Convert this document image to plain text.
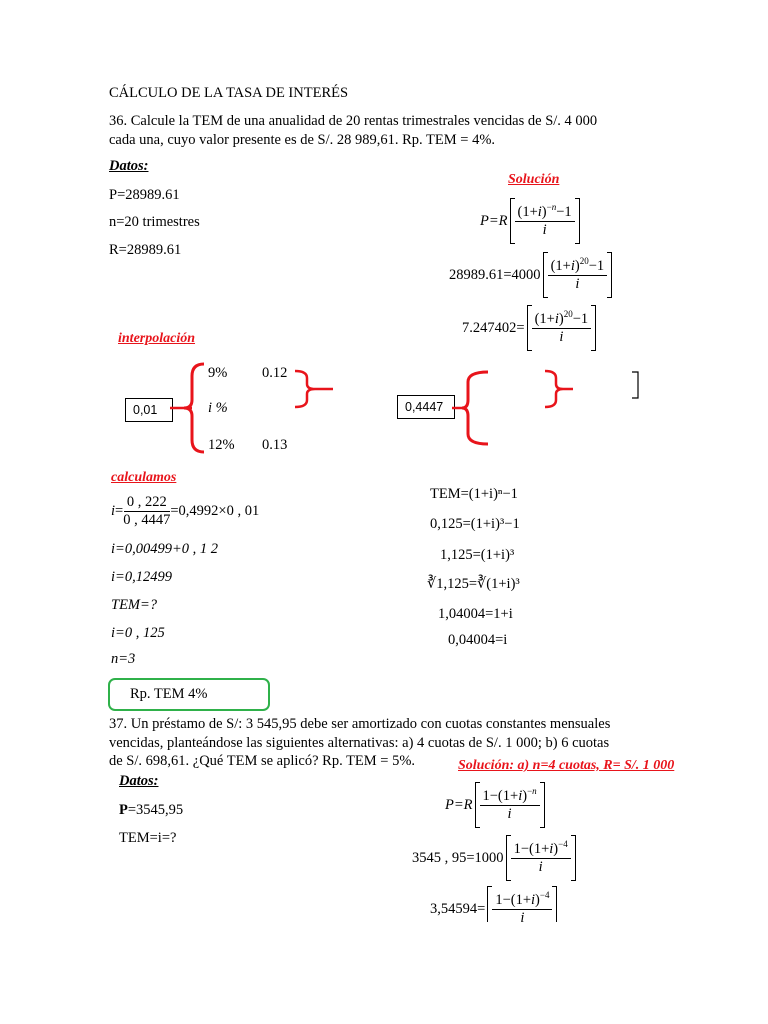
CÁLCULO DE LA TASA DE INTERÉS
36. Calcule la TEM de una anualidad de 20 rentas trimestrales vencidas de S/. 4 000
cada una, cuyo valor presente es de S/. 28 989,61. Rp. TEM = 4%.
Datos:
P=28989.61
n=20 trimestres
R=28989.61
Solución
$P=R \frac{(1+i)^{-n}-1}{i}$
$28989.61=4000 \frac{(1+i)^{20}-1}{i}$
$7.247402= \frac{(1+i)^{20}-1}{i}$
interpolación
0,01
9% 0.12
i %
12% 0.13
0,4447
calculamos
$i = \frac{0 , 222}{0 , 4447} =0,4992\times 0$ , 01
i=0,00499+0 , 1 2
i=0,12499
TEM=?
i=0 , 125
n=3
TEM=(1+i)ⁿ−1
0,125=(1+i)³−1
1,125=(1+i)³
∛1,125=∛(1+i)³
1,04004=1+i
0,04004=i
Rp. TEM 4%
37. Un préstamo de S/: 3 545,95 debe ser amortizado con cuotas constantes mensuales
vencidas, planteándose las siguientes alternativas: a) 4 cuotas de S/. 1 000; b) 6 cuotas
de S/. 698,61. ¿Qué TEM se aplicó? Rp. TEM = 5%.	Solución: a) n=4 cuotas, R= S/. 1 000
Datos:
P=3545,95
TEM=i=?
$P=R \frac{1-(1+i)^{-n}}{i}$
3545 , $95=1000 \frac{1-(1+i)^{-4}}{i}$
$3,54594= \frac{1-(1+i)^{-4}}{i}$
